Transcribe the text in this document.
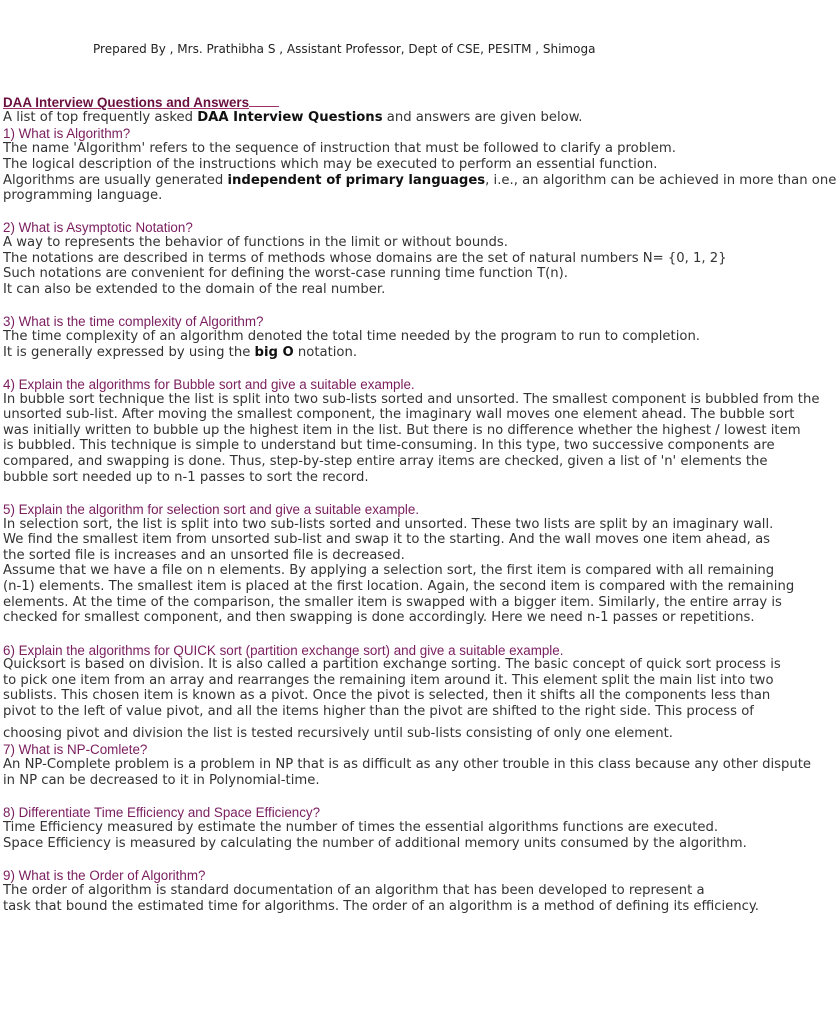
Prepared By , Mrs. Prathibha S , Assistant Professor, Dept of CSE, PESITM , Shimoga
DAA Interview Questions and Answers
A list of top frequently asked DAA Interview Questions and answers are given below.
1) What is Algorithm?
The name 'Algorithm' refers to the sequence of instruction that must be followed to clarify a problem.
The logical description of the instructions which may be executed to perform an essential function.
Algorithms are usually generated independent of primary languages, i.e., an algorithm can be achieved in more than one
programming language.
2) What is Asymptotic Notation?
A way to represents the behavior of functions in the limit or without bounds.
The notations are described in terms of methods whose domains are the set of natural numbers N= {0, 1, 2}
Such notations are convenient for defining the worst-case running time function T(n).
It can also be extended to the domain of the real number.
3) What is the time complexity of Algorithm?
The time complexity of an algorithm denoted the total time needed by the program to run to completion.
It is generally expressed by using the big O notation.
4) Explain the algorithms for Bubble sort and give a suitable example.
In bubble sort technique the list is split into two sub-lists sorted and unsorted. The smallest component is bubbled from the
unsorted sub-list. After moving the smallest component, the imaginary wall moves one element ahead. The bubble sort
was initially written to bubble up the highest item in the list. But there is no difference whether the highest / lowest item
is bubbled. This technique is simple to understand but time-consuming. In this type, two successive components are
compared, and swapping is done. Thus, step-by-step entire array items are checked, given a list of 'n' elements the
bubble sort needed up to n-1 passes to sort the record.
5) Explain the algorithm for selection sort and give a suitable example.
In selection sort, the list is split into two sub-lists sorted and unsorted. These two lists are split by an imaginary wall.
We find the smallest item from unsorted sub-list and swap it to the starting. And the wall moves one item ahead, as
the sorted file is increases and an unsorted file is decreased.
Assume that we have a file on n elements. By applying a selection sort, the first item is compared with all remaining
(n-1) elements. The smallest item is placed at the first location. Again, the second item is compared with the remaining
elements. At the time of the comparison, the smaller item is swapped with a bigger item. Similarly, the entire array is
checked for smallest component, and then swapping is done accordingly. Here we need n-1 passes or repetitions.
6) Explain the algorithms for QUICK sort (partition exchange sort) and give a suitable example.
Quicksort is based on division. It is also called a partition exchange sorting. The basic concept of quick sort process is
to pick one item from an array and rearranges the remaining item around it. This element split the main list into two
sublists. This chosen item is known as a pivot. Once the pivot is selected, then it shifts all the components less than
pivot to the left of value pivot, and all the items higher than the pivot are shifted to the right side. This process of
choosing pivot and division the list is tested recursively until sub-lists consisting of only one element.
7) What is NP-Comlete?
An NP-Complete problem is a problem in NP that is as difficult as any other trouble in this class because any other dispute
in NP can be decreased to it in Polynomial-time.
8) Differentiate Time Efficiency and Space Efficiency?
Time Efficiency measured by estimate the number of times the essential algorithms functions are executed.
Space Efficiency is measured by calculating the number of additional memory units consumed by the algorithm.
9) What is the Order of Algorithm?
The order of algorithm is standard documentation of an algorithm that has been developed to represent a
task that bound the estimated time for algorithms. The order of an algorithm is a method of defining its efficiency.
